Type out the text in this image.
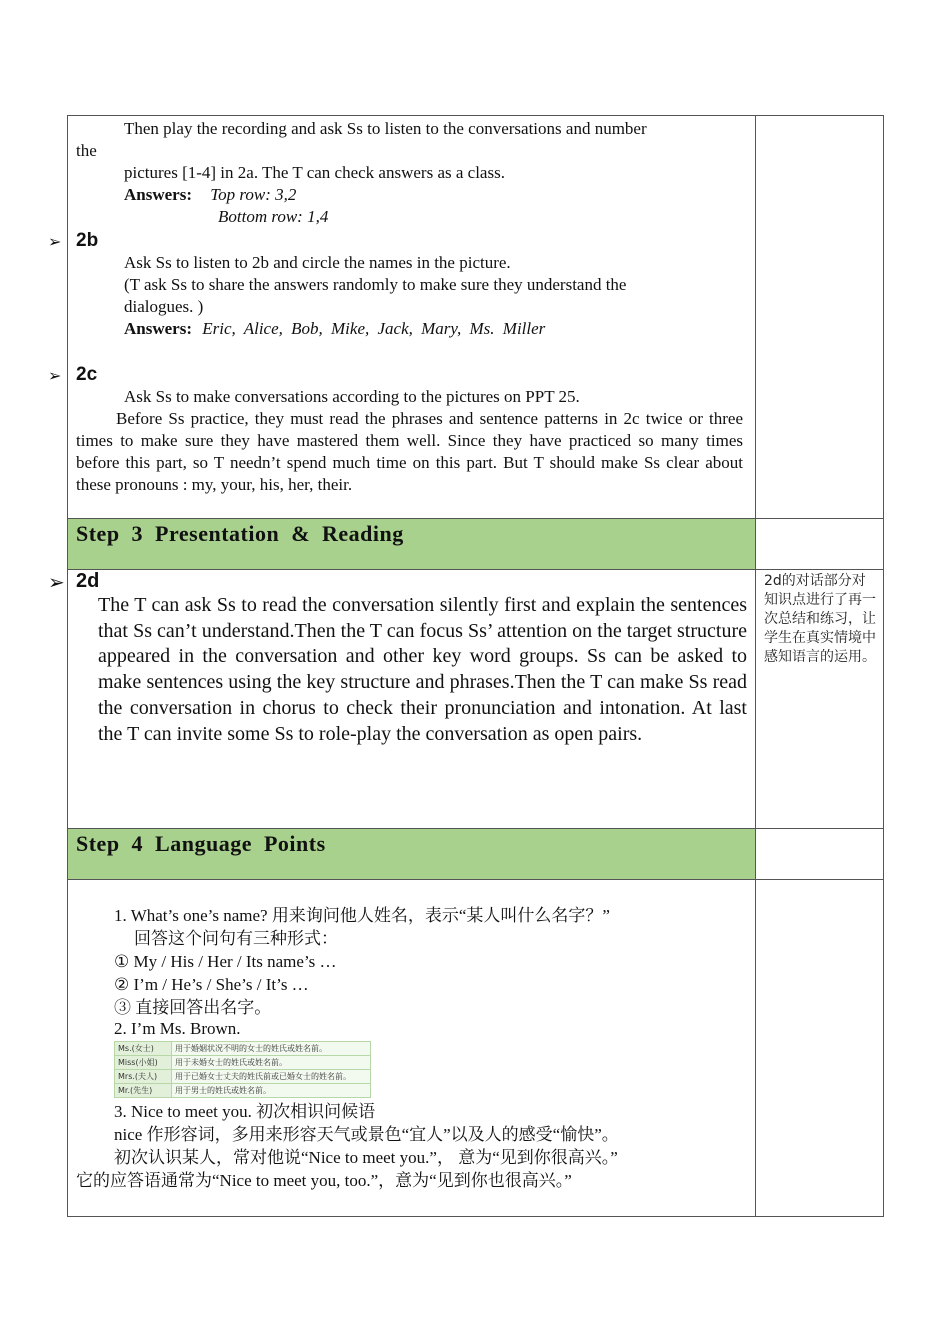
Then play the recording and ask Ss to listen to the conversations and number
the
pictures [1-4] in 2a. The T can check answers as a class.
Answers: Top row: 3,2
Bottom row: 1,4
➢ 2b
Ask Ss to listen to 2b and circle the names in the picture.
(T ask Ss to share the answers randomly to make sure they understand the
dialogues. )
Answers: Eric, Alice, Bob, Mike, Jack, Mary, Ms. Miller
➢ 2c
Ask Ss to make conversations according to the pictures on PPT 25.
Before Ss practice, they must read the phrases and sentence patterns in 2c twice or three times to make sure they have mastered them well. Since they have practiced so many times before this part, so T needn’t spend much time on this part. But T should make Ss clear about these pronouns : my, your, his, her, their.

Step 3 Presentation & Reading

➢ 2d
The T can ask Ss to read the conversation silently first and explain the sentences that Ss can’t understand.Then the T can focus Ss’ attention on the target structure appeared in the conversation and other key word groups. Ss can be asked to make sentences using the key structure and phrases.Then the T can make Ss read the conversation in chorus to check their pronunciation and intonation. At last the T can invite some Ss to role-play the conversation as open pairs.

2d的对话部分对知识点进行了再一次总结和练习，让学生在真实情境中感知语言的运用。

Step 4 Language Points

1. What’s one’s name? 用来询问他人姓名，表示“某人叫什么名字？”
回答这个问句有三种形式：
① My / His / Her / Its name’s …
② I’m / He’s / She’s / It’s …
③ 直接回答出名字。
2. I’m Ms. Brown.
Ms.(女士)	用于婚姻状况不明的女士的姓氏或姓名前。
Miss(小姐)	用于未婚女士的姓氏或姓名前。
Mrs.(夫人)	用于已婚女士丈夫的姓氏前或已婚女士的姓名前。
Mr.(先生)	用于男士的姓氏或姓名前。
3. Nice to meet you. 初次相识问候语
nice 作形容词，多用来形容天气或景色“宜人”以及人的感受“愉快”。
初次认识某人，常对他说“Nice to meet you.”， 意为“见到你很高兴。”
它的应答语通常为“Nice to meet you, too.”，意为“见到你也很高兴。”
